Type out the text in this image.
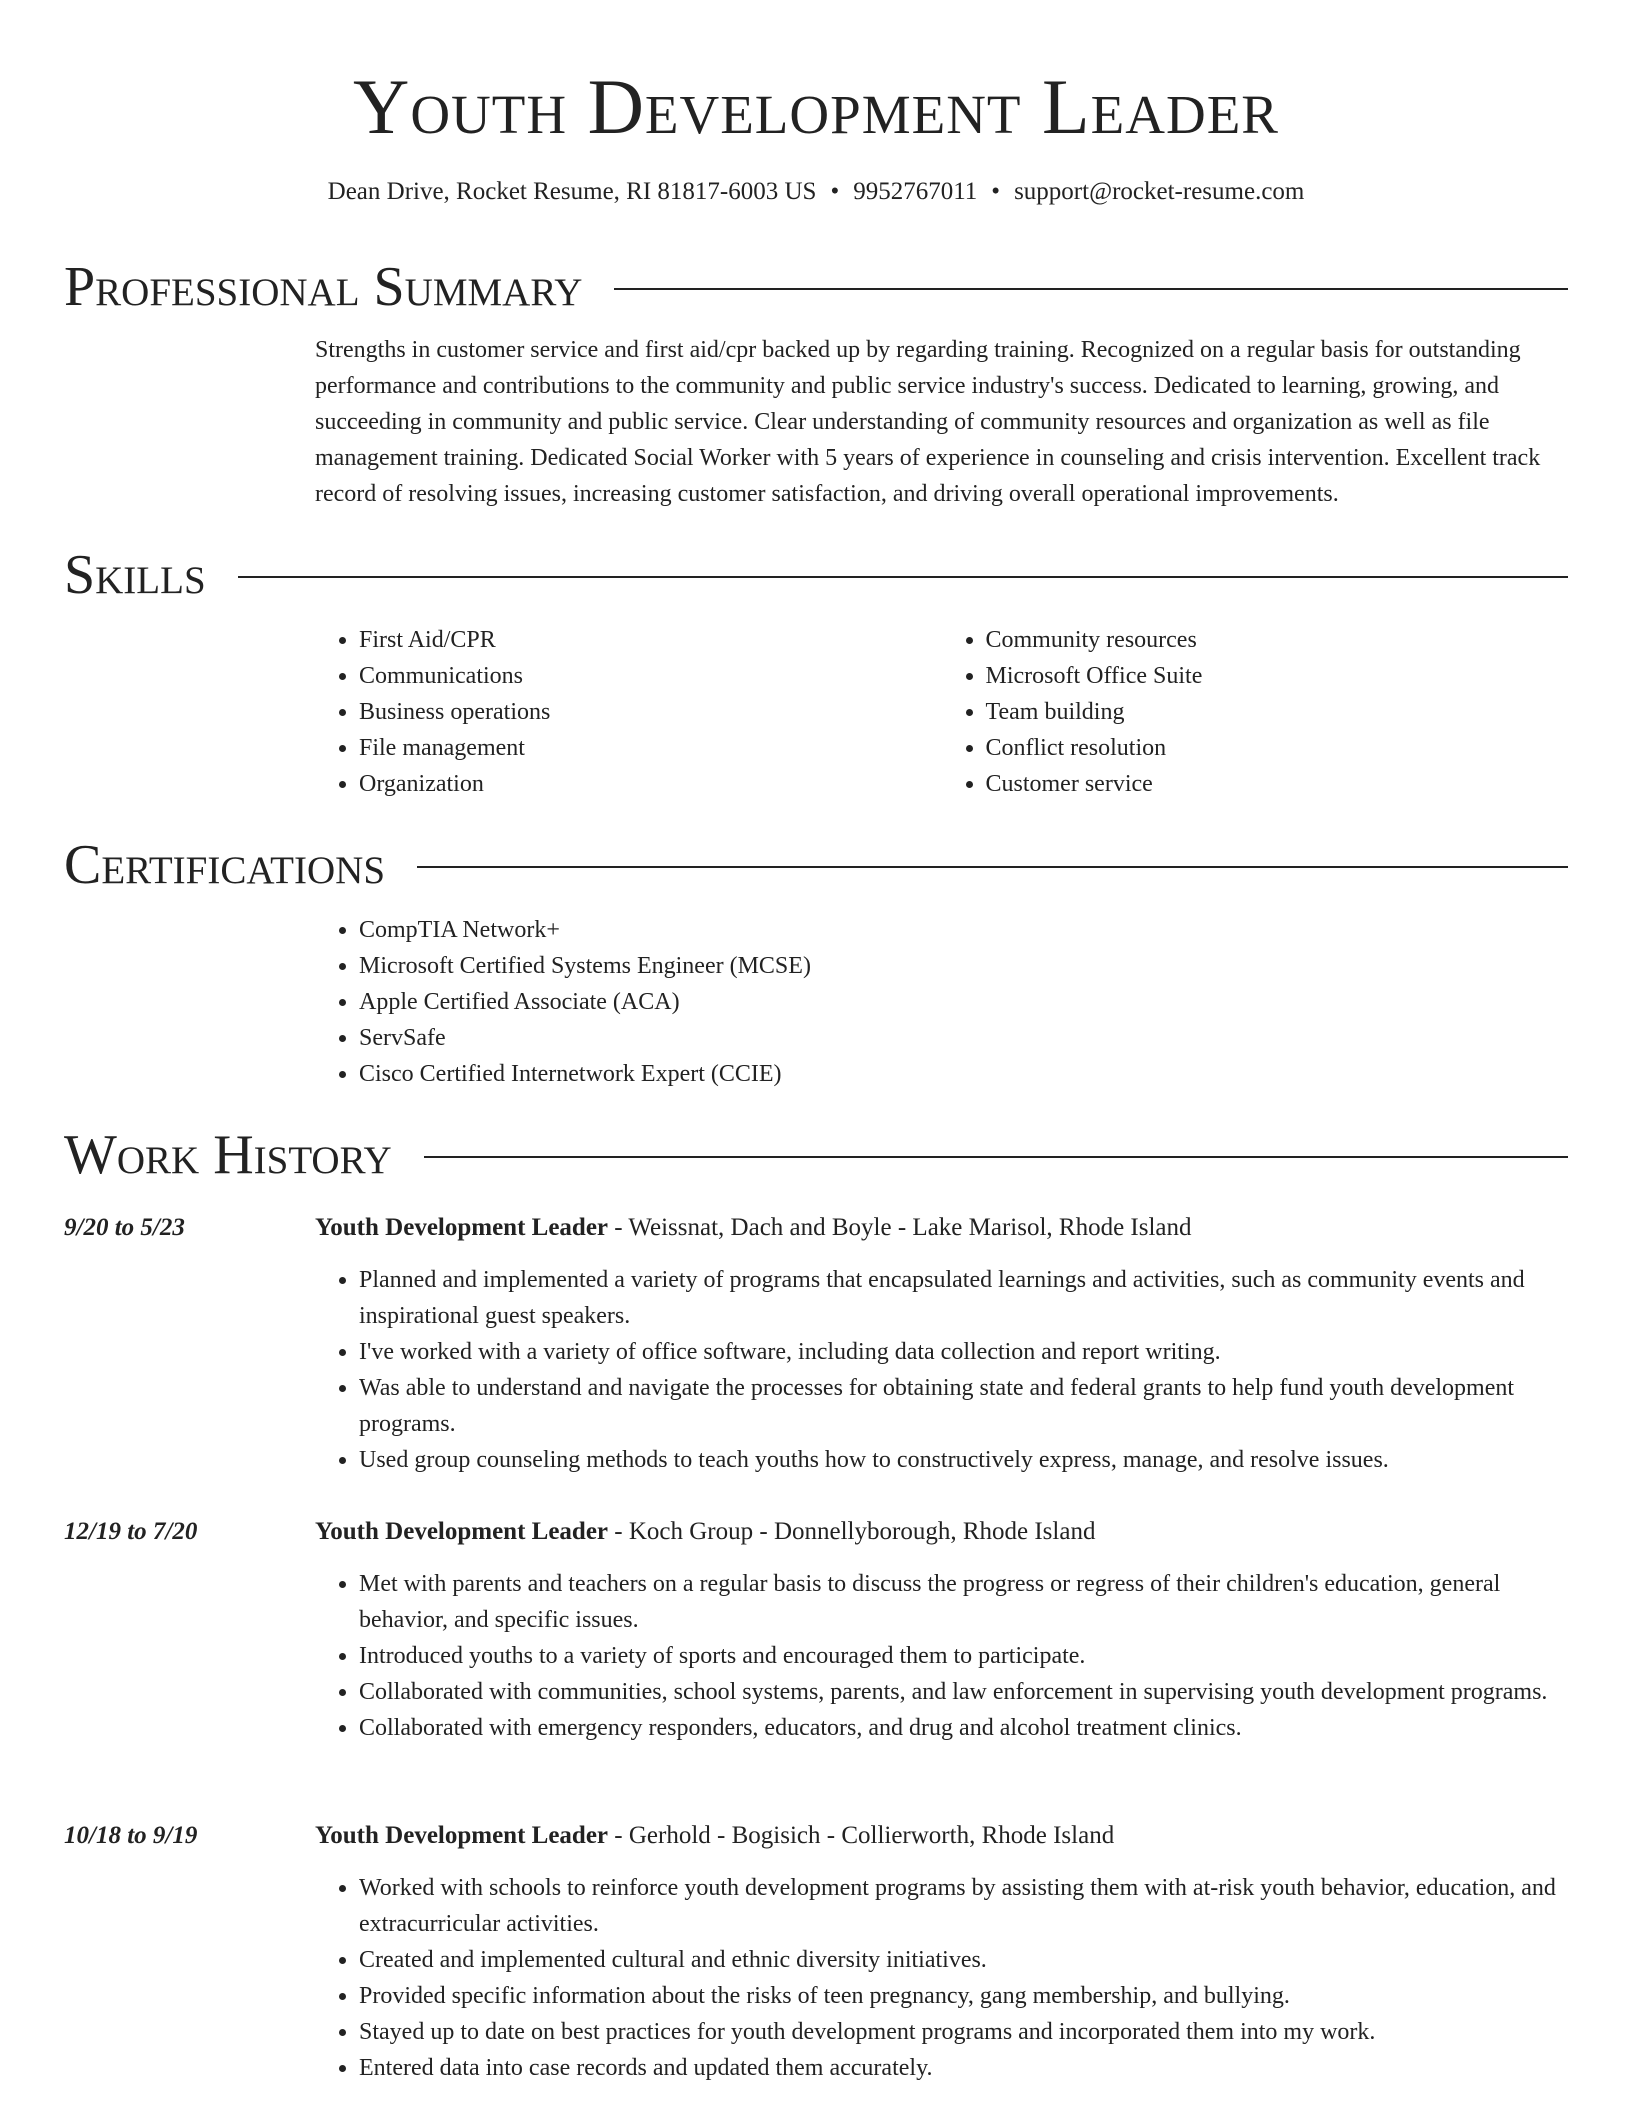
Youth Development Leader
Dean Drive, Rocket Resume, RI 81817-6003 US • 9952767011 • support@rocket-resume.com
Professional Summary

Strengths in customer service and first aid/cpr backed up by regarding training. Recognized on a regular basis for outstanding performance and contributions to the community and public service industry's success. Dedicated to learning, growing, and succeeding in community and public service. Clear understanding of community resources and organization as well as file management training. Dedicated Social Worker with 5 years of experience in counseling and crisis intervention. Excellent track record of resolving issues, increasing customer satisfaction, and driving overall operational improvements.

Skills
• First Aid/CPR
• Communications
• Business operations
• File management
• Organization
• Community resources
• Microsoft Office Suite
• Team building
• Conflict resolution
• Customer service
Certifications
• CompTIA Network+
• Microsoft Certified Systems Engineer (MCSE)
• Apple Certified Associate (ACA)
• ServSafe
• Cisco Certified Internetwork Expert (CCIE)
Work History
9/20 to 5/23	Youth Development Leader - Weissnat, Dach and Boyle - Lake Marisol, Rhode Island
• Planned and implemented a variety of programs that encapsulated learnings and activities, such as community events and inspirational guest speakers.
• I've worked with a variety of office software, including data collection and report writing.
• Was able to understand and navigate the processes for obtaining state and federal grants to help fund youth development programs.
• Used group counseling methods to teach youths how to constructively express, manage, and resolve issues.
12/19 to 7/20	Youth Development Leader - Koch Group - Donnellyborough, Rhode Island
• Met with parents and teachers on a regular basis to discuss the progress or regress of their children's education, general behavior, and specific issues.
• Introduced youths to a variety of sports and encouraged them to participate.
• Collaborated with communities, school systems, parents, and law enforcement in supervising youth development programs.
• Collaborated with emergency responders, educators, and drug and alcohol treatment clinics.
10/18 to 9/19	Youth Development Leader - Gerhold - Bogisich - Collierworth, Rhode Island
• Worked with schools to reinforce youth development programs by assisting them with at-risk youth behavior, education, and extracurricular activities.
• Created and implemented cultural and ethnic diversity initiatives.
• Provided specific information about the risks of teen pregnancy, gang membership, and bullying.
• Stayed up to date on best practices for youth development programs and incorporated them into my work.
• Entered data into case records and updated them accurately.
